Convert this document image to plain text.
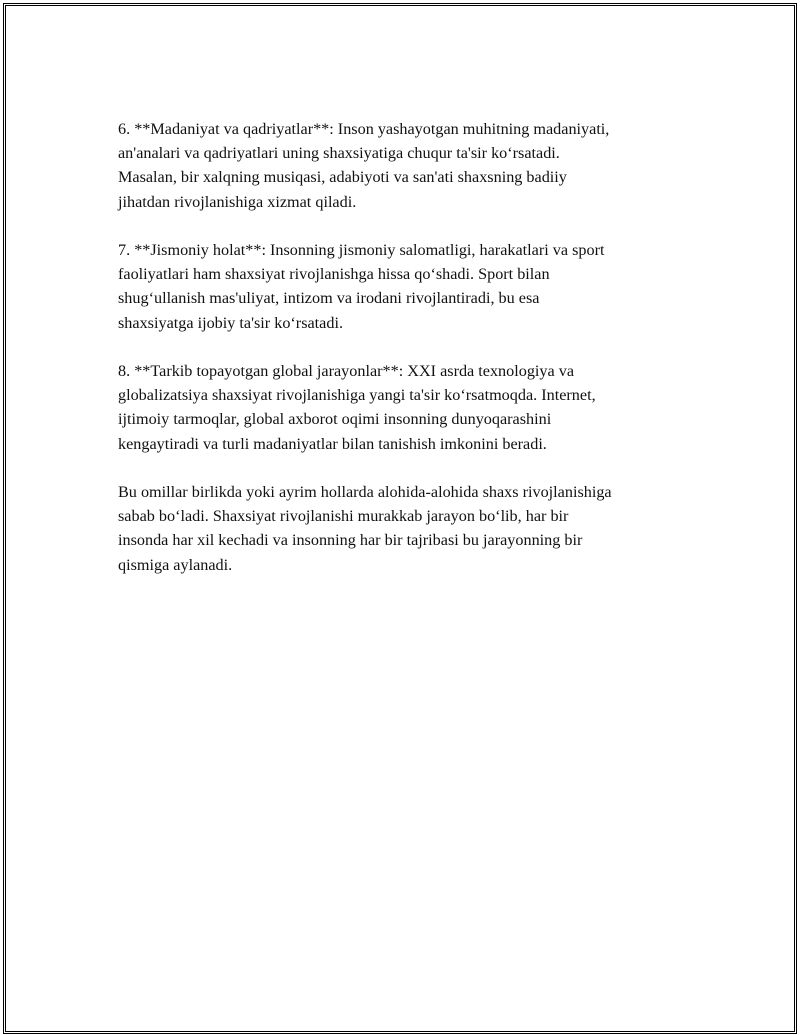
6. **Madaniyat va qadriyatlar**: Inson yashayotgan muhitning madaniyati,
an'analari va qadriyatlari uning shaxsiyatiga chuqur ta'sir ko‘rsatadi.
Masalan, bir xalqning musiqasi, adabiyoti va san'ati shaxsning badiiy
jihatdan rivojlanishiga xizmat qiladi.

7. **Jismoniy holat**: Insonning jismoniy salomatligi, harakatlari va sport
faoliyatlari ham shaxsiyat rivojlanishga hissa qo‘shadi. Sport bilan
shug‘ullanish mas'uliyat, intizom va irodani rivojlantiradi, bu esa
shaxsiyatga ijobiy ta'sir ko‘rsatadi.

8. **Tarkib topayotgan global jarayonlar**: XXI asrda texnologiya va
globalizatsiya shaxsiyat rivojlanishiga yangi ta'sir ko‘rsatmoqda. Internet,
ijtimoiy tarmoqlar, global axborot oqimi insonning dunyoqarashini
kengaytiradi va turli madaniyatlar bilan tanishish imkonini beradi.

Bu omillar birlikda yoki ayrim hollarda alohida-alohida shaxs rivojlanishiga
sabab bo‘ladi. Shaxsiyat rivojlanishi murakkab jarayon bo‘lib, har bir
insonda har xil kechadi va insonning har bir tajribasi bu jarayonning bir
qismiga aylanadi.
